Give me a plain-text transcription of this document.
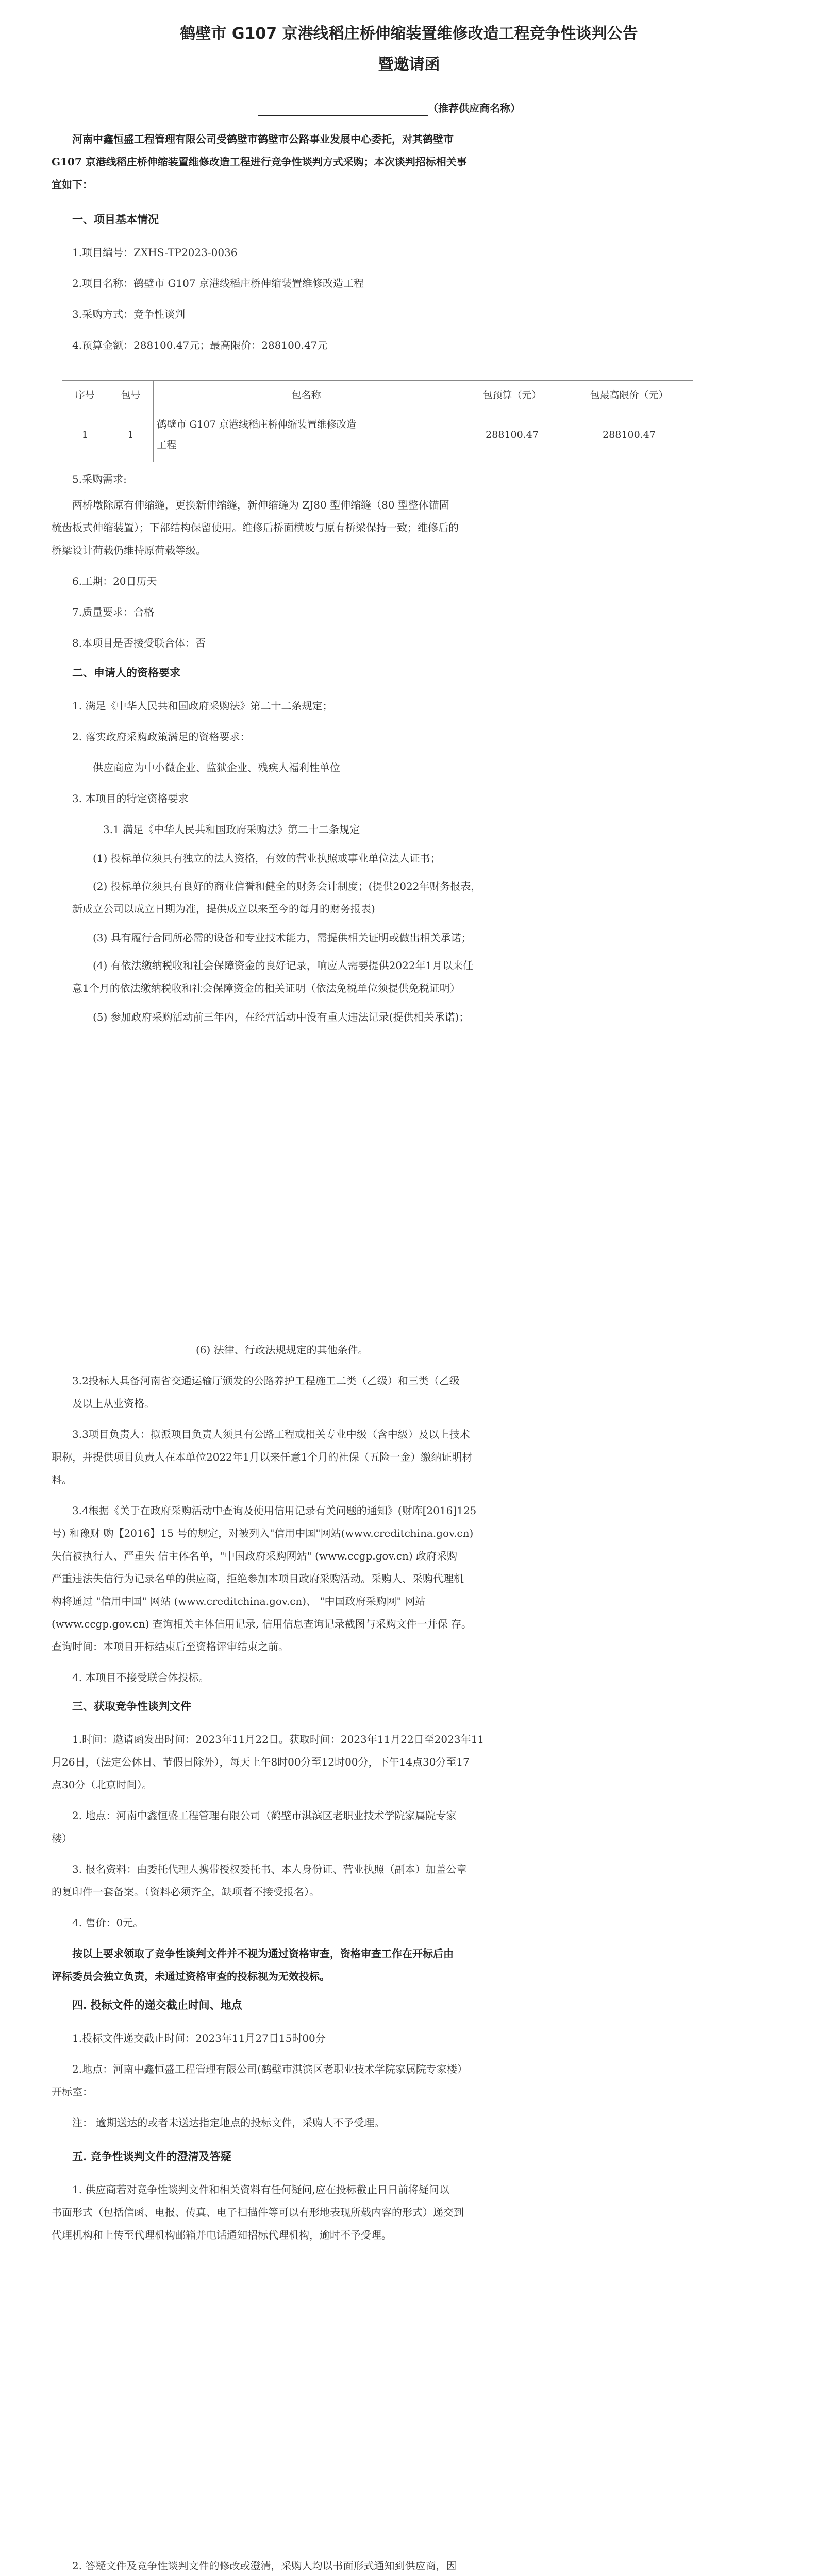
鹤壁市 G107 京港线稻庄桥伸缩装置维修改造工程竞争性谈判公告
暨邀请函
（推荐供应商名称）
河南中鑫恒盛工程管理有限公司受鹤壁市鹤壁市公路事业发展中心委托，对其鹤壁市
G107 京港线稻庄桥伸缩装置维修改造工程进行竞争性谈判方式采购；本次谈判招标相关事
宜如下：
一、项目基本情况
1.项目编号：ZXHS-TP2023-0036
2.项目名称：鹤壁市 G107 京港线稻庄桥伸缩装置维修改造工程
3.采购方式：竞争性谈判
4.预算金额：288100.47元；最高限价：288100.47元
序号	包号	包名称	包预算（元）	包最高限价（元）
1	1	鹤壁市 G107 京港线稻庄桥伸缩装置维修改造
工程	288100.47	288100.47
5.采购需求:
两桥墩除原有伸缩缝，更换新伸缩缝，新伸缩缝为 ZJ80 型伸缩缝（80 型整体锚固
梳齿板式伸缩装置）；下部结构保留使用。维修后桥面横坡与原有桥梁保持一致；维修后的
桥梁设计荷载仍维持原荷载等级。
6.工期：20日历天
7.质量要求：合格
8.本项目是否接受联合体：否
二、申请人的资格要求
1. 满足《中华人民共和国政府采购法》第二十二条规定；
2. 落实政府采购政策满足的资格要求：
供应商应为中小微企业、监狱企业、残疾人福利性单位
3. 本项目的特定资格要求
3.1 满足《中华人民共和国政府采购法》第二十二条规定
(1) 投标单位须具有独立的法人资格，有效的营业执照或事业单位法人证书；
(2) 投标单位须具有良好的商业信誉和健全的财务会计制度；(提供2022年财务报表，
新成立公司以成立日期为准，提供成立以来至今的每月的财务报表)
(3) 具有履行合同所必需的设备和专业技术能力，需提供相关证明或做出相关承诺；
(4) 有依法缴纳税收和社会保障资金的良好记录，响应人需要提供2022年1月以来任
意1个月的依法缴纳税收和社会保障资金的相关证明（依法免税单位须提供免税证明）
(5) 参加政府采购活动前三年内，在经营活动中没有重大违法记录(提供相关承诺)；
(6) 法律、行政法规规定的其他条件。
3.2投标人具备河南省交通运输厅颁发的公路养护工程施工二类（乙级）和三类（乙级
及以上从业资格。
3.3项目负责人：拟派项目负责人须具有公路工程或相关专业中级（含中级）及以上技术
职称，并提供项目负责人在本单位2022年1月以来任意1个月的社保（五险一金）缴纳证明材
料。
3.4根据《关于在政府采购活动中查询及使用信用记录有关问题的通知》(财库[2016]125
号) 和豫财 购【2016】15 号的规定，对被列入"信用中国"网站(www.creditchina.gov.cn)
失信被执行人、严重失 信主体名单，"中国政府采购网站" (www.ccgp.gov.cn) 政府采购
严重违法失信行为记录名单的供应商，拒绝参加本项目政府采购活动。采购人、采购代理机
构将通过 "信用中国" 网站 (www.creditchina.gov.cn)、 "中国政府采购网" 网站
(www.ccgp.gov.cn) 查询相关主体信用记录, 信用信息查询记录截图与采购文件一并保 存。
查询时间：本项目开标结束后至资格评审结束之前。
4. 本项目不接受联合体投标。
三、获取竞争性谈判文件
1.时间：邀请函发出时间：2023年11月22日。获取时间：2023年11月22日至2023年11
月26日，（法定公休日、节假日除外），每天上午8时00分至12时00分，下午14点30分至17
点30分（北京时间）。
2. 地点：河南中鑫恒盛工程管理有限公司（鹤壁市淇滨区老职业技术学院家属院专家
楼）
3. 报名资料：由委托代理人携带授权委托书、本人身份证、营业执照（副本）加盖公章
的复印件一套备案。（资料必须齐全，缺项者不接受报名）。
4. 售价：0元。
按以上要求领取了竞争性谈判文件并不视为通过资格审查，资格审查工作在开标后由
评标委员会独立负责，未通过资格审查的投标视为无效投标。
四. 投标文件的递交截止时间、地点
1.投标文件递交截止时间：2023年11月27日15时00分
2.地点：河南中鑫恒盛工程管理有限公司(鹤壁市淇滨区老职业技术学院家属院专家楼）
开标室：
注： 逾期送达的或者未送达指定地点的投标文件，采购人不予受理。
五. 竞争性谈判文件的澄清及答疑
1. 供应商若对竞争性谈判文件和相关资料有任何疑问,应在投标截止日日前将疑问以
书面形式（包括信函、电报、传真、电子扫描件等可以有形地表现所载内容的形式）递交到
代理机构和上传至代理机构邮箱并电话通知招标代理机构，逾时不予受理。
2. 答疑文件及竞争性谈判文件的修改或澄清，采购人均以书面形式通知到供应商，因
